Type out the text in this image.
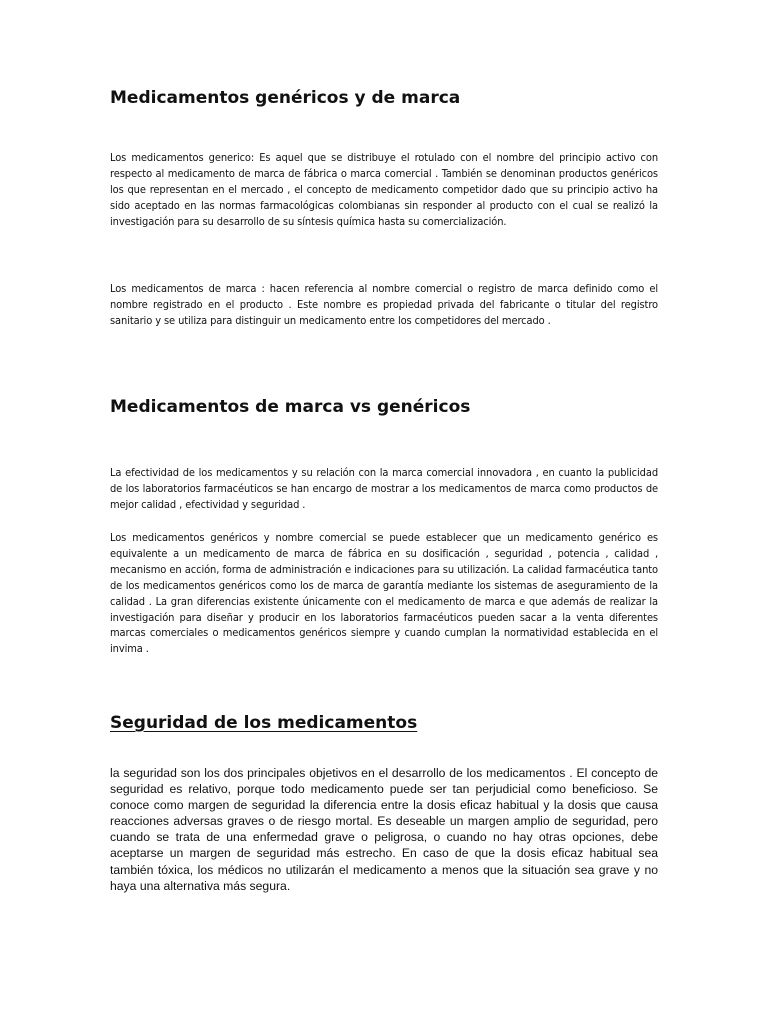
Medicamentos genéricos y de marca

Los medicamentos generico: Es aquel que se distribuye el rotulado con el nombre del principio activo con respecto al medicamento de marca de fábrica o marca comercial . También se denominan productos genéricos los que representan en el mercado , el concepto de medicamento competidor dado que su principio activo ha sido aceptado en las normas farmacológicas colombianas sin responder al producto con el cual se realizó la investigación para su desarrollo de su síntesis química hasta su comercialización.

Los medicamentos de marca : hacen referencia al nombre comercial o registro de marca definido como el nombre registrado en el producto . Este nombre es propiedad privada del fabricante o titular del registro sanitario y se utiliza para distinguir un medicamento entre los competidores del mercado .

Medicamentos de marca vs genéricos

La efectividad de los medicamentos y su relación con la marca comercial innovadora , en cuanto la publicidad de los laboratorios farmacéuticos se han encargo de mostrar a los medicamentos de marca como productos de mejor calidad , efectividad y seguridad .

Los medicamentos genéricos y nombre comercial se puede establecer que un medicamento genérico es equivalente a un medicamento de marca de fábrica en su dosificación , seguridad , potencia , calidad , mecanismo en acción, forma de administración e indicaciones para su utilización. La calidad farmacéutica tanto de los medicamentos genéricos como los de marca de garantía mediante los sistemas de aseguramiento de la calidad . La gran diferencias existente únicamente con el medicamento de marca e que además de realizar la investigación para diseñar y producir en los laboratorios farmacéuticos pueden sacar a la venta diferentes marcas comerciales o medicamentos genéricos siempre y cuando cumplan la normatividad establecida en el invima .

Seguridad de los medicamentos

la seguridad son los dos principales objetivos en el desarrollo de los medicamentos . El concepto de seguridad es relativo, porque todo medicamento puede ser tan perjudicial como beneficioso. Se conoce como margen de seguridad la diferencia entre la dosis eficaz habitual y la dosis que causa reacciones adversas graves o de riesgo mortal. Es deseable un margen amplio de seguridad, pero cuando se trata de una enfermedad grave o peligrosa, o cuando no hay otras opciones, debe aceptarse un margen de seguridad más estrecho. En caso de que la dosis eficaz habitual sea también tóxica, los médicos no utilizarán el medicamento a menos que la situación sea grave y no haya una alternativa más segura.
